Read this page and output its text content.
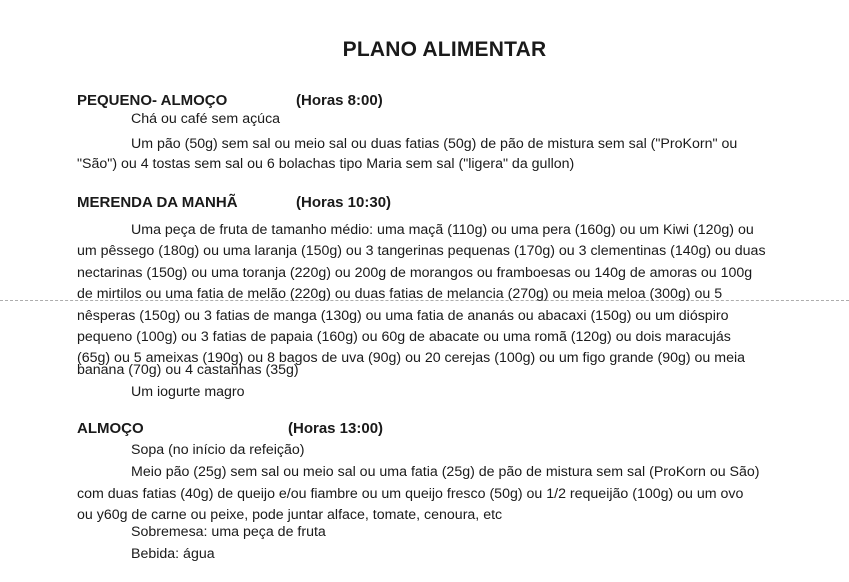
PLANO ALIMENTAR
PEQUENO- ALMOÇO	(Horas 8:00)
Chá ou café sem açúca
Um pão (50g) sem sal ou meio sal ou duas fatias (50g) de pão de mistura sem sal ("ProKorn" ou
"São") ou 4 tostas sem sal ou 6 bolachas tipo Maria sem sal ("ligera" da gullon)
MERENDA DA MANHÃ	(Horas 10:30)
Uma peça de fruta de tamanho médio: uma maçã (110g) ou uma pera (160g) ou um Kiwi (120g) ou
um pêssego (180g) ou uma laranja (150g) ou 3 tangerinas pequenas (170g) ou 3 clementinas (140g) ou duas
nectarinas (150g) ou uma toranja (220g) ou 200g de morangos ou framboesas ou 140g de amoras ou 100g
de mirtilos ou uma fatia de melão (220g) ou duas fatias de melancia (270g) ou meia meloa (300g) ou 5
nêsperas (150g) ou 3 fatias de manga (130g) ou uma fatia de ananás ou abacaxi (150g) ou um dióspiro
pequeno (100g) ou 3 fatias de papaia (160g) ou 60g de abacate ou uma romã (120g) ou dois maracujás
(65g) ou 5 ameixas (190g) ou 8 bagos de uva (90g) ou 20 cerejas (100g) ou um figo grande (90g) ou meia
banana (70g) ou 4 castanhas (35g)
Um iogurte magro
ALMOÇO	(Horas 13:00)
Sopa (no início da refeição)
Meio pão (25g) sem sal ou meio sal ou uma fatia (25g) de pão de mistura sem sal (ProKorn ou São)
com duas fatias (40g) de queijo e/ou fiambre ou um queijo fresco (50g) ou 1/2 requeijão (100g) ou um ovo
ou y60g de carne ou peixe, pode juntar alface, tomate, cenoura, etc
Sobremesa: uma peça de fruta
Bebida: água
